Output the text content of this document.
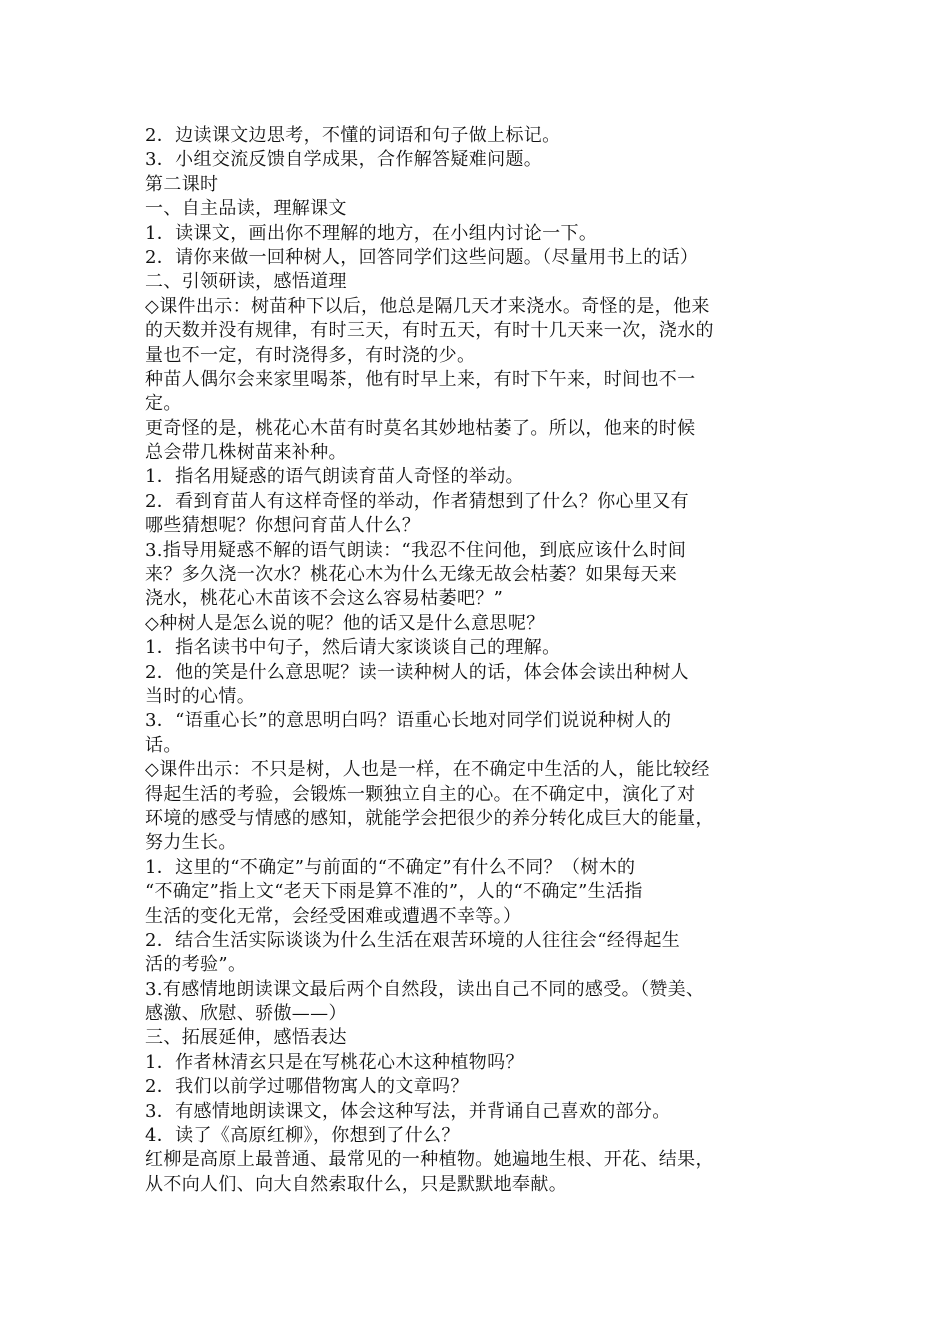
2．边读课文边思考，不懂的词语和句子做上标记。
3．小组交流反馈自学成果，合作解答疑难问题。
第二课时
一、自主品读，理解课文
1．读课文，画出你不理解的地方，在小组内讨论一下。
2．请你来做一回种树人，回答同学们这些问题。（尽量用书上的话）
二、引领研读，感悟道理
◇课件出示：树苗种下以后，他总是隔几天才来浇水。奇怪的是，他来
的天数并没有规律，有时三天，有时五天，有时十几天来一次，浇水的
量也不一定，有时浇得多，有时浇的少。
种苗人偶尔会来家里喝茶，他有时早上来，有时下午来，时间也不一
定。
更奇怪的是，桃花心木苗有时莫名其妙地枯萎了。所以，他来的时候
总会带几株树苗来补种。
1．指名用疑惑的语气朗读育苗人奇怪的举动。
2．看到育苗人有这样奇怪的举动，作者猜想到了什么？你心里又有
哪些猜想呢？你想问育苗人什么？
3.指导用疑惑不解的语气朗读：“我忍不住问他，到底应该什么时间
来？多久浇一次水？桃花心木为什么无缘无故会枯萎？如果每天来
浇水，桃花心木苗该不会这么容易枯萎吧？”
◇种树人是怎么说的呢？他的话又是什么意思呢？
1．指名读书中句子，然后请大家谈谈自己的理解。
2．他的笑是什么意思呢？读一读种树人的话，体会体会读出种树人
当时的心情。
3．“语重心长”的意思明白吗？语重心长地对同学们说说种树人的
话。
◇课件出示：不只是树，人也是一样，在不确定中生活的人，能比较经
得起生活的考验，会锻炼一颗独立自主的心。在不确定中，演化了对
环境的感受与情感的感知，就能学会把很少的养分转化成巨大的能量，
努力生长。
1．这里的“不确定”与前面的“不确定”有什么不同？（树木的
“不确定”指上文“老天下雨是算不准的”，人的“不确定”生活指
生活的变化无常，会经受困难或遭遇不幸等。）
2．结合生活实际谈谈为什么生活在艰苦环境的人往往会“经得起生
活的考验”。
3.有感情地朗读课文最后两个自然段，读出自己不同的感受。（赞美、
感激、欣慰、骄傲——）
三、拓展延伸，感悟表达
1．作者林清玄只是在写桃花心木这种植物吗？
2．我们以前学过哪借物寓人的文章吗？
3．有感情地朗读课文，体会这种写法，并背诵自己喜欢的部分。
4．读了《高原红柳》，你想到了什么？
红柳是高原上最普通、最常见的一种植物。她遍地生根、开花、结果，
从不向人们、向大自然索取什么，只是默默地奉献。
